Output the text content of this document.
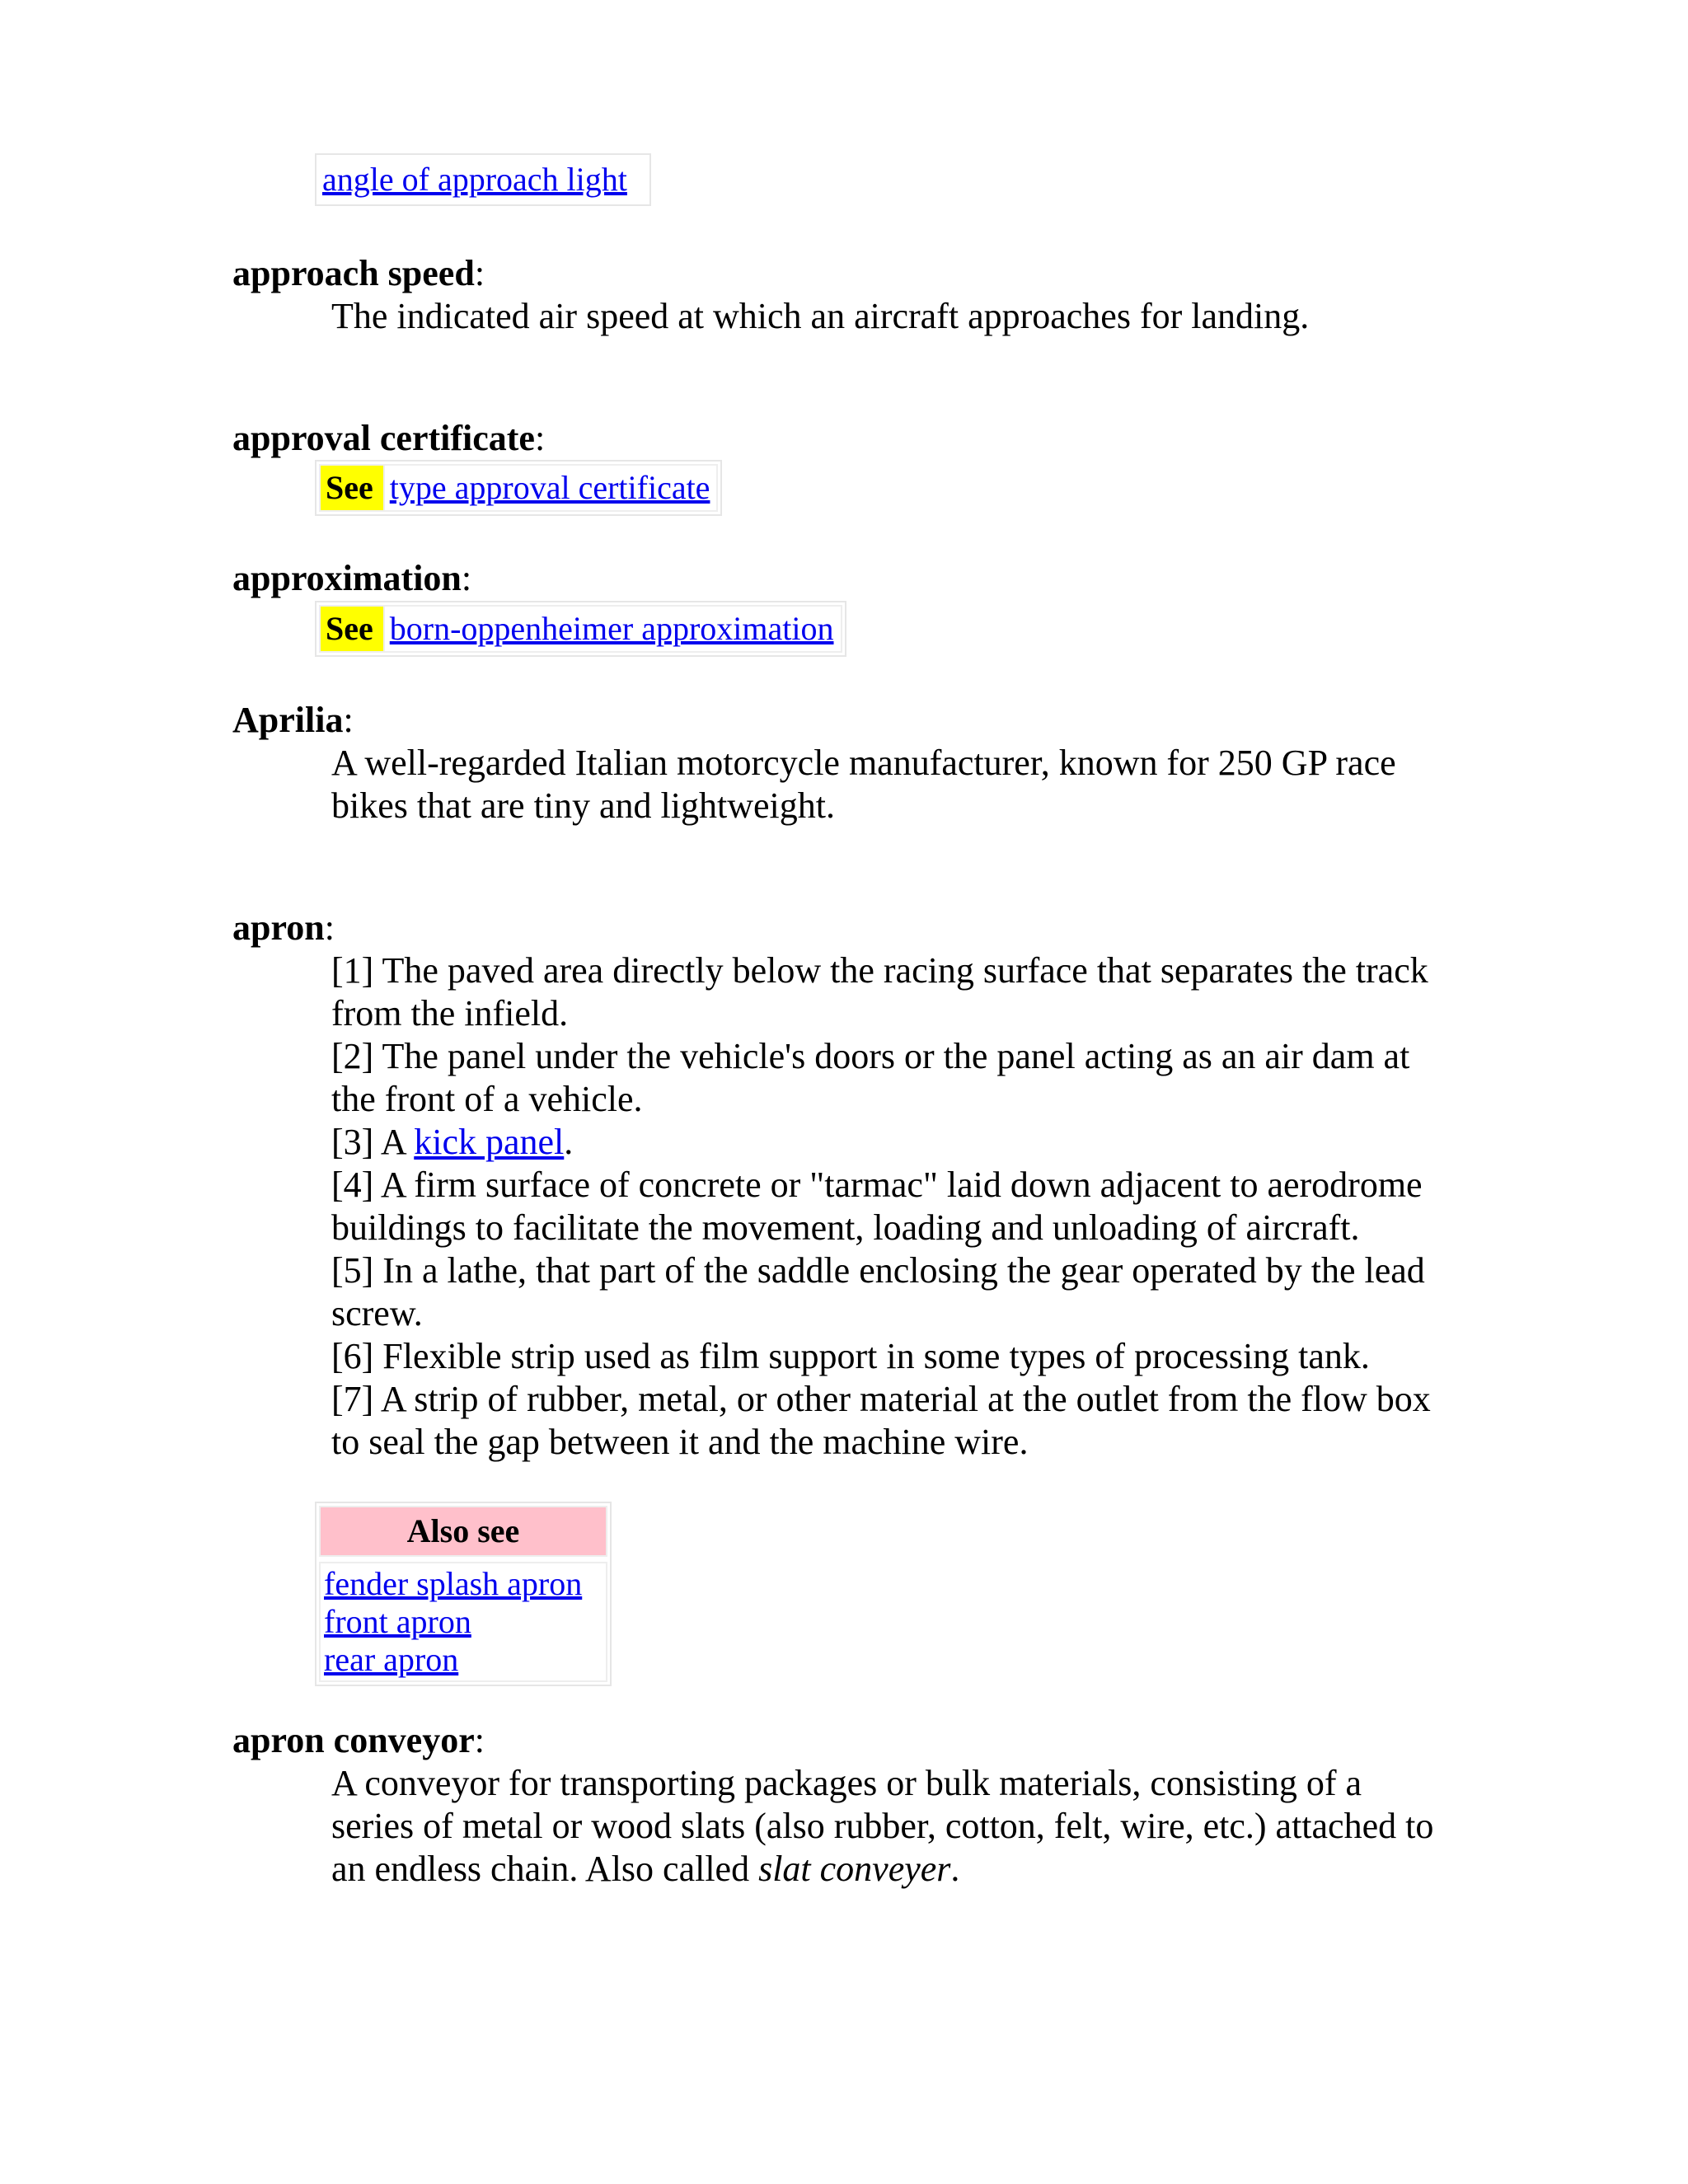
angle of approach light
approach speed:
The indicated air speed at which an aircraft approaches for landing.
approval certificate:
See type approval certificate
approximation:
See born-oppenheimer approximation
Aprilia:
A well-regarded Italian motorcycle manufacturer, known for 250 GP race bikes that are tiny and lightweight.
apron:
[1] The paved area directly below the racing surface that separates the track from the infield.
[2] The panel under the vehicle's doors or the panel acting as an air dam at the front of a vehicle.
[3] A kick panel.
[4] A firm surface of concrete or "tarmac" laid down adjacent to aerodrome buildings to facilitate the movement, loading and unloading of aircraft.
[5] In a lathe, that part of the saddle enclosing the gear operated by the lead screw.
[6] Flexible strip used as film support in some types of processing tank.
[7] A strip of rubber, metal, or other material at the outlet from the flow box to seal the gap between it and the machine wire.
Also see
fender splash apron
front apron
rear apron
apron conveyor:
A conveyor for transporting packages or bulk materials, consisting of a series of metal or wood slats (also rubber, cotton, felt, wire, etc.) attached to an endless chain. Also called slat conveyer.
